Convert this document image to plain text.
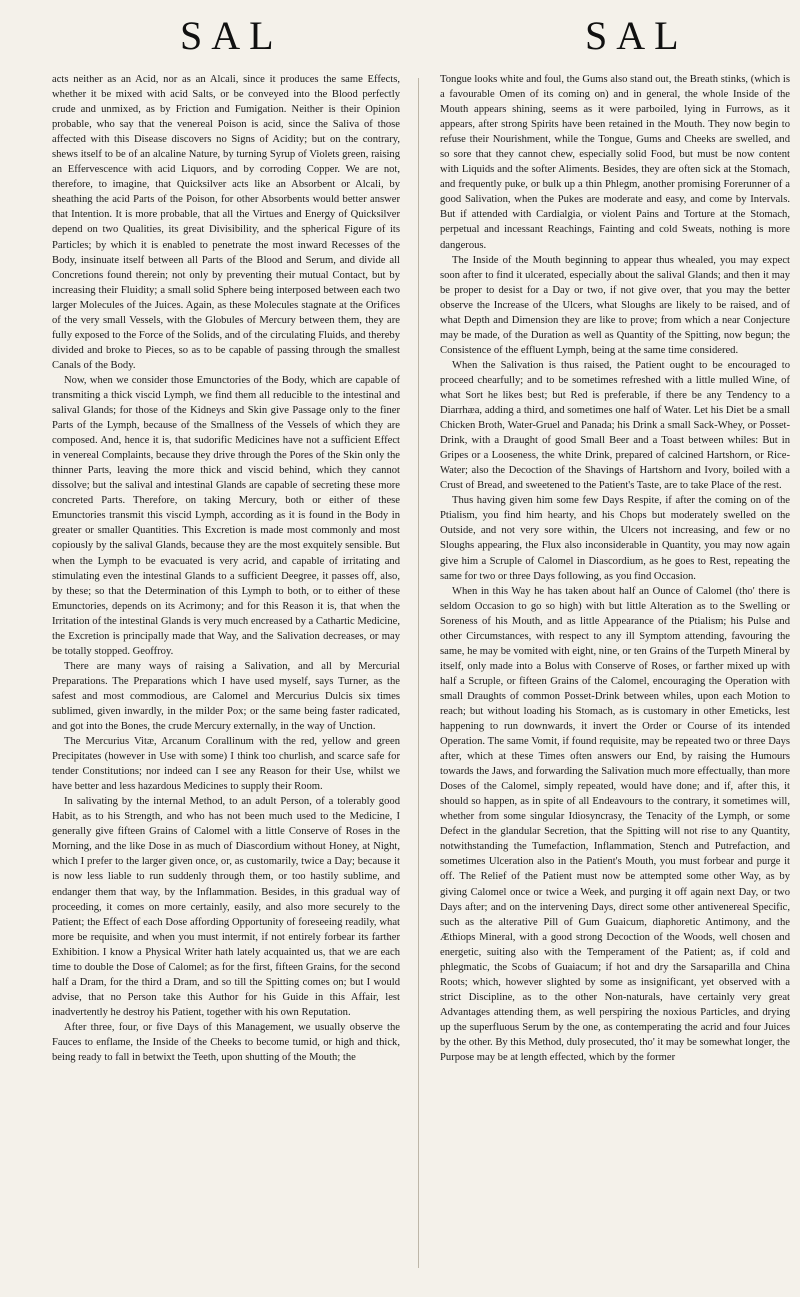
SAL	SAL

acts neither as an Acid, nor as an Alcali, since it produces the same Effects, whether it be mixed with acid Salts, or be conveyed into the Blood perfectly crude and unmixed, as by Friction and Fumigation. Neither is their Opinion probable, who say that the venereal Poison is acid, since the Saliva of those affected with this Disease discovers no Signs of Acidity; but on the contrary, shews itself to be of an alcaline Nature, by turning Syrup of Violets green, raising an Effervescence with acid Liquors, and by corroding Copper. We are not, therefore, to imagine, that Quicksilver acts like an Absorbent or Alcali, by sheathing the acid Parts of the Poison, for other Absorbents would better answer that Intention. It is more probable, that all the Virtues and Energy of Quicksilver depend on two Qualities, its great Divisibility, and the spherical Figure of its Particles; by which it is enabled to penetrate the most inward Recesses of the Body, insinuate itself between all Parts of the Blood and Serum, and divide all Concretions found therein; not only by preventing their mutual Contact, but by increasing their Fluidity; a small solid Sphere being interposed between each two larger Molecules of the Juices. Again, as these Molecules stagnate at the Orifices of the very small Vessels, with the Globules of Mercury between them, they are fully exposed to the Force of the Solids, and of the circulating Fluids, and thereby divided and broke to Pieces, so as to be capable of passing through the smallest Canals of the Body.

Now, when we consider those Emunctories of the Body, which are capable of transmiting a thick viscid Lymph, we find them all reducible to the intestinal and salival Glands; for those of the Kidneys and Skin give Passage only to the finer Parts of the Lymph, because of the Smallness of the Vessels of which they are composed. And, hence it is, that sudorific Medicines have not a sufficient Effect in venereal Complaints, because they drive through the Pores of the Skin only the thinner Parts, leaving the more thick and viscid behind, which they cannot dissolve; but the salival and intestinal Glands are capable of secreting these more concreted Parts. Therefore, on taking Mercury, both or either of these Emunctories transmit this viscid Lymph, according as it is found in the Body in greater or smaller Quantities. This Excretion is made most commonly and most copiously by the salival Glands, because they are the most exquitely sensible. But when the Lymph to be evacuated is very acrid, and capable of irritating and stimulating even the intestinal Glands to a sufficient Deegree, it passes off, also, by these; so that the Determination of this Lymph to both, or to either of these Emunctories, depends on its Acrimony; and for this Reason it is, that when the Irritation of the intestinal Glands is very much encreased by a Cathartic Medicine, the Excretion is principally made that Way, and the Salivation decreases, or may be totally stopped. Geoffroy.

There are many ways of raising a Salivation, and all by Mercurial Preparations. The Preparations which I have used myself, says Turner, as the safest and most commodious, are Calomel and Mercurius Dulcis six times sublimed, given inwardly, in the milder Pox; or the same being faster radicated, and got into the Bones, the crude Mercury externally, in the way of Unction.

The Mercurius Vitæ, Arcanum Corallinum with the red, yellow and green Precipitates (however in Use with some) I think too churlish, and scarce safe for tender Constitutions; nor indeed can I see any Reason for their Use, whilst we have better and less hazardous Medicines to supply their Room.

In salivating by the internal Method, to an adult Person, of a tolerably good Habit, as to his Strength, and who has not been much used to the Medicine, I generally give fifteen Grains of Calomel with a little Conserve of Roses in the Morning, and the like Dose in as much of Diascordium without Honey, at Night, which I prefer to the larger given once, or, as customarily, twice a Day; because it is now less liable to run suddenly through them, or too hastily sublime, and endanger them that way, by the Inflammation. Besides, in this gradual way of proceeding, it comes on more certainly, easily, and also more securely to the Patient; the Effect of each Dose affording Opportunity of foreseeing readily, what more be requisite, and when you must intermit, if not entirely forbear its farther Exhibition. I know a Physical Writer hath lately acquainted us, that we are each time to double the Dose of Calomel; as for the first, fifteen Grains, for the second half a Dram, for the third a Dram, and so till the Spitting comes on; but I would advise, that no Person take this Author for his Guide in this Affair, lest inadvertently he destroy his Patient, together with his own Reputation.

After three, four, or five Days of this Management, we usually observe the Fauces to enflame, the Inside of the Cheeks to become tumid, or high and thick, being ready to fall in betwixt the Teeth, upon shutting of the Mouth; the

Tongue looks white and foul, the Gums also stand out, the Breath stinks, (which is a favourable Omen of its coming on) and in general, the whole Inside of the Mouth appears shining, seems as it were parboiled, lying in Furrows, as it appears, after strong Spirits have been retained in the Mouth. They now begin to refuse their Nourishment, while the Tongue, Gums and Cheeks are swelled, and so sore that they cannot chew, especially solid Food, but must be now content with Liquids and the softer Aliments. Besides, they are often sick at the Stomach, and frequently puke, or bulk up a thin Phlegm, another promising Forerunner of a good Salivation, when the Pukes are moderate and easy, and come by Intervals. But if attended with Cardialgia, or violent Pains and Torture at the Stomach, perpetual and incessant Reachings, Fainting and cold Sweats, nothing is more dangerous.

The Inside of the Mouth beginning to appear thus whealed, you may expect soon after to find it ulcerated, especially about the salival Glands; and then it may be proper to desist for a Day or two, if not give over, that you may the better observe the Increase of the Ulcers, what Sloughs are likely to be raised, and of what Depth and Dimension they are like to prove; from which a near Conjecture may be made, of the Duration as well as Quantity of the Spitting, now begun; the Consistence of the effluent Lymph, being at the same time considered.

When the Salivation is thus raised, the Patient ought to be encouraged to proceed chearfully; and to be sometimes refreshed with a little mulled Wine, of what Sort he likes best; but Red is preferable, if there be any Tendency to a Diarrhæa, adding a third, and sometimes one half of Water. Let his Diet be a small Chicken Broth, Water-Gruel and Panada; his Drink a small Sack-Whey, or Posset-Drink, with a Draught of good Small Beer and a Toast between whiles: But in Gripes or a Looseness, the white Drink, prepared of calcined Hartshorn, or Rice-Water; also the Decoction of the Shavings of Hartshorn and Ivory, boiled with a Crust of Bread, and sweetened to the Patient's Taste, are to take Place of the rest.

Thus having given him some few Days Respite, if after the coming on of the Ptialism, you find him hearty, and his Chops but moderately swelled on the Outside, and not very sore within, the Ulcers not increasing, and few or no Sloughs appearing, the Flux also inconsiderable in Quantity, you may now again give him a Scruple of Calomel in Diascordium, as he goes to Rest, repeating the same for two or three Days following, as you find Occasion.

When in this Way he has taken about half an Ounce of Calomel (tho' there is seldom Occasion to go so high) with but little Alteration as to the Swelling or Soreness of his Mouth, and as little Appearance of the Ptialism; his Pulse and other Circumstances, with respect to any ill Symptom attending, favouring the same, he may be vomited with eight, nine, or ten Grains of the Turpeth Mineral by itself, only made into a Bolus with Conserve of Roses, or farther mixed up with half a Scruple, or fifteen Grains of the Calomel, encouraging the Operation with small Draughts of common Posset-Drink between whiles, upon each Motion to reach; but without loading his Stomach, as is customary in other Emeticks, lest happening to run downwards, it invert the Order or Course of its intended Operation. The same Vomit, if found requisite, may be repeated two or three Days after, which at these Times often answers our End, by raising the Humours towards the Jaws, and forwarding the Salivation much more effectually, than more Doses of the Calomel, simply repeated, would have done; and if, after this, it should so happen, as in spite of all Endeavours to the contrary, it sometimes will, whether from some singular Idiosyncrasy, the Tenacity of the Lymph, or some Defect in the glandular Secretion, that the Spitting will not rise to any Quantity, notwithstanding the Tumefaction, Inflammation, Stench and Putrefaction, and sometimes Ulceration also in the Patient's Mouth, you must forbear and purge it off. The Relief of the Patient must now be attempted some other Way, as by giving Calomel once or twice a Week, and purging it off again next Day, or two Days after; and on the intervening Days, direct some other antivenereal Specific, such as the alterative Pill of Gum Guaicum, diaphoretic Antimony, and the Æthiops Mineral, with a good strong Decoction of the Woods, well chosen and energetic, suiting also with the Temperament of the Patient; as, if cold and phlegmatic, the Scobs of Guaiacum; if hot and dry the Sarsaparilla and China Roots; which, however slighted by some as insignificant, yet observed with a strict Discipline, as to the other Non-naturals, have certainly very great Advantages attending them, as well perspiring the noxious Particles, and drying up the superfluous Serum by the one, as contemperating the acrid and four Juices by the other. By this Method, duly prosecuted, tho' it may be somewhat longer, the Purpose may be at length effected, which by the former
